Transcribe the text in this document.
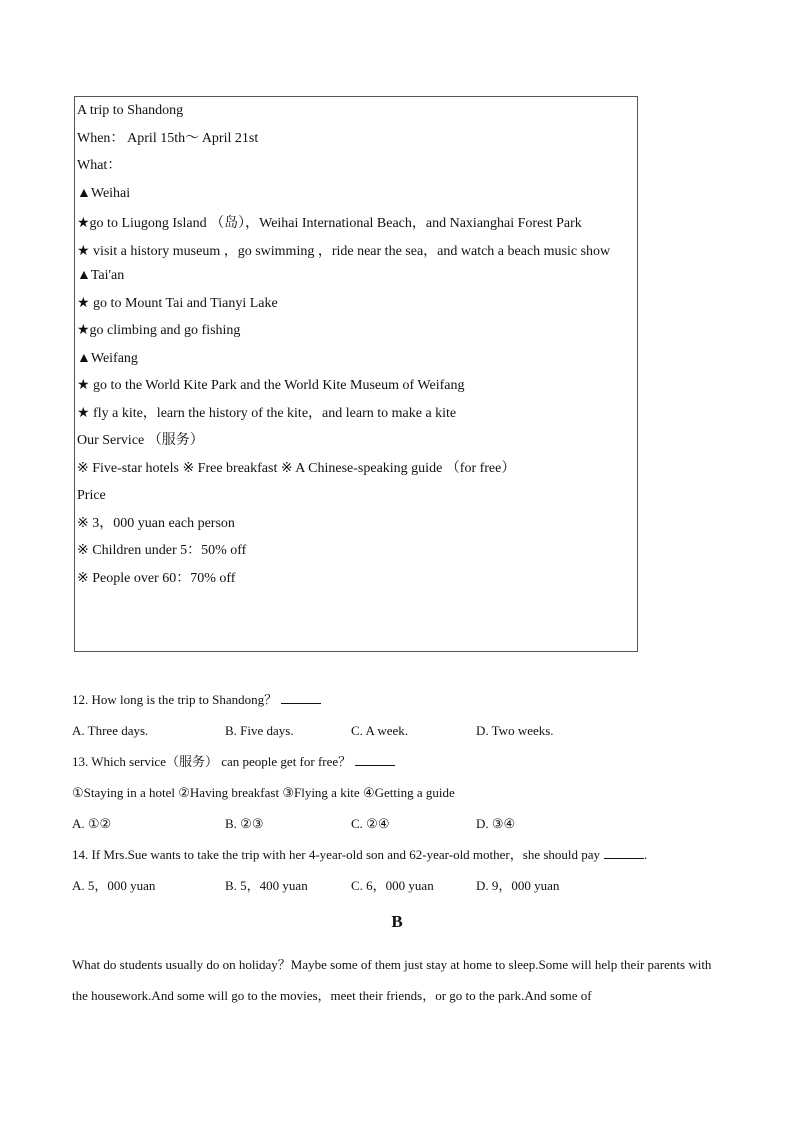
A trip to Shandong
When： April 15th～ April 21st
What：
▲Weihai
★go to Liugong Island （岛），Weihai International Beach，and Naxianghai Forest Park
★ visit a history museum ，go swimming ，ride near the sea，and watch a beach music show
▲Tai'an
★ go to Mount Tai and Tianyi Lake
★go climbing and go fishing
▲Weifang
★ go to the World Kite Park and the World Kite Museum of Weifang
★ fly a kite，learn the history of the kite，and learn to make a kite
Our Service （服务）
※ Five-star hotels ※ Free breakfast ※ A Chinese-speaking guide （for free）
Price
※ 3，000 yuan each person
※ Children under 5：50% off
※ People over 60：70% off
12. How long is the trip to Shandong？
A. Three days.	B. Five days.	C. A week.	D. Two weeks.
13. Which service（服务） can people get for free？
①Staying in a hotel ②Having breakfast ③Flying a kite ④Getting a guide
A. ①②	B. ②③	C. ②④	D. ③④
14. If Mrs.Sue wants to take the trip with her 4-year-old son and 62-year-old mother，she should pay	.
A. 5，000 yuan	B. 5，400 yuan	C. 6，000 yuan	D. 9，000 yuan
B
What do students usually do on holiday？Maybe some of them just stay at home to sleep.Some will help their parents with the housework.And some will go to the movies，meet their friends，or go to the park.And some of
